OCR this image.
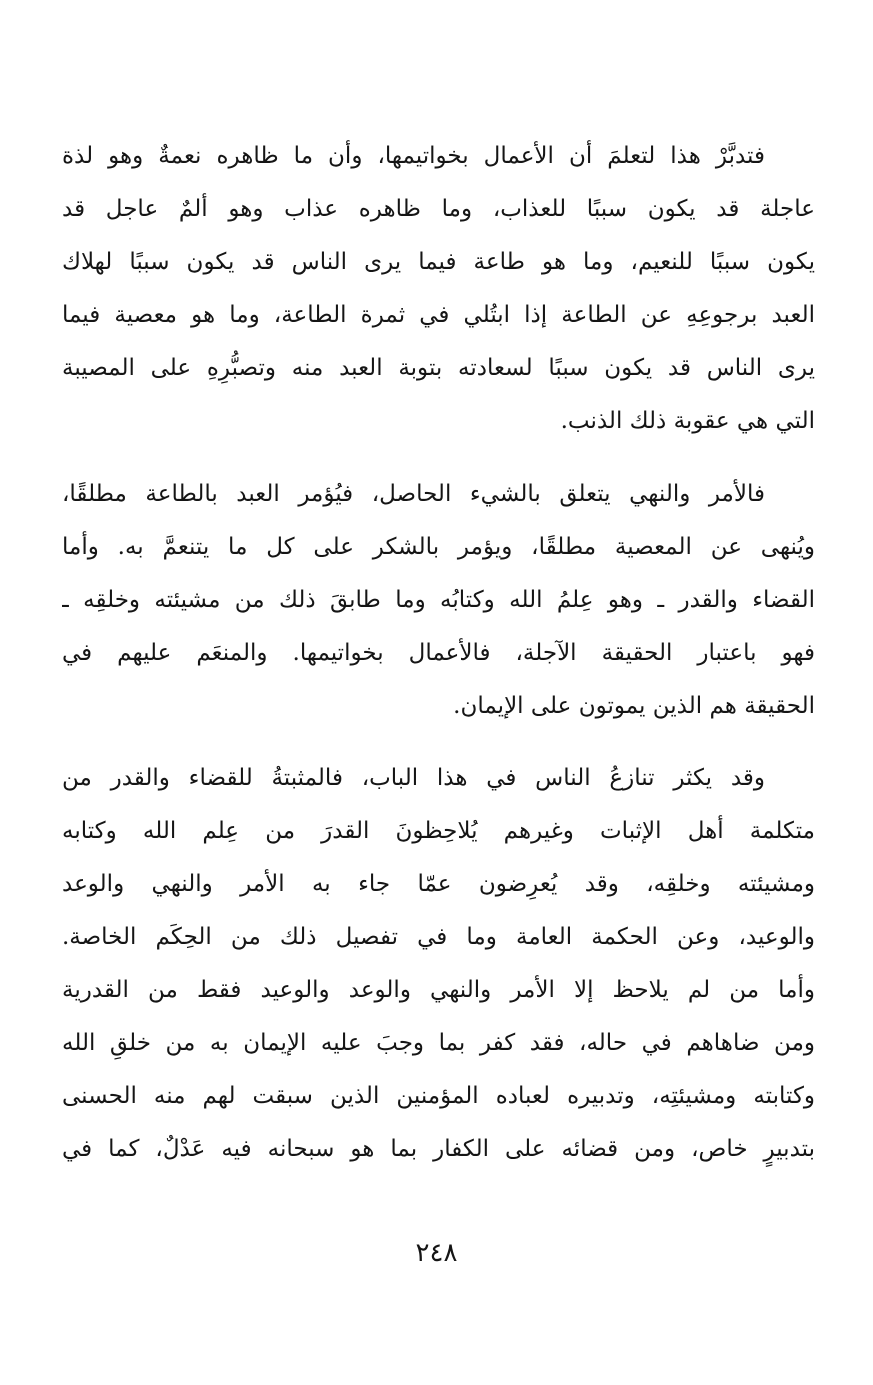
فتدبَّرْ هذا لتعلمَ أن الأعمال بخواتيمها، وأن ما ظاهره نعمةٌ وهو لذة
عاجلة قد يكون سببًا للعذاب، وما ظاهره عذاب وهو ألمٌ عاجل قد
يكون سببًا للنعيم، وما هو طاعة فيما يرى الناس قد يكون سببًا لهلاك
العبد برجوعِهِ عن الطاعة إذا ابتُلي في ثمرة الطاعة، وما هو معصية فيما
يرى الناس قد يكون سببًا لسعادته بتوبة العبد منه وتصبُّرِهِ على المصيبة
التي هي عقوبة ذلك الذنب.
فالأمر والنهي يتعلق بالشيء الحاصل، فيُؤمر العبد بالطاعة مطلقًا،
ويُنهى عن المعصية مطلقًا، ويؤمر بالشكر على كل ما يتنعمَّ به. وأما
القضاء والقدر ـ وهو عِلمُ الله وكتابُه وما طابقَ ذلك من مشيئته وخلقِه ـ
فهو باعتبار الحقيقة الآجلة، فالأعمال بخواتيمها. والمنعَم عليهم في
الحقيقة هم الذين يموتون على الإيمان.
وقد يكثر تنازعُ الناس في هذا الباب، فالمثبتةُ للقضاء والقدر من
متكلمة أهل الإثبات وغيرهم يُلاحِظونَ القدرَ من عِلم الله وكتابه
ومشيئته وخلقِه، وقد يُعرِضون عمّا جاء به الأمر والنهي والوعد
والوعيد، وعن الحكمة العامة وما في تفصيل ذلك من الحِكَم الخاصة.
وأما من لم يلاحظ إلا الأمر والنهي والوعد والوعيد فقط من القدرية
ومن ضاهاهم في حاله، فقد كفر بما وجبَ عليه الإيمان به من خلقِ الله
وكتابته ومشيئتِه، وتدبيره لعباده المؤمنين الذين سبقت لهم منه الحسنى
بتدبيرٍ خاص، ومن قضائه على الكفار بما هو سبحانه فيه عَدْلٌ، كما في
٢٤٨
